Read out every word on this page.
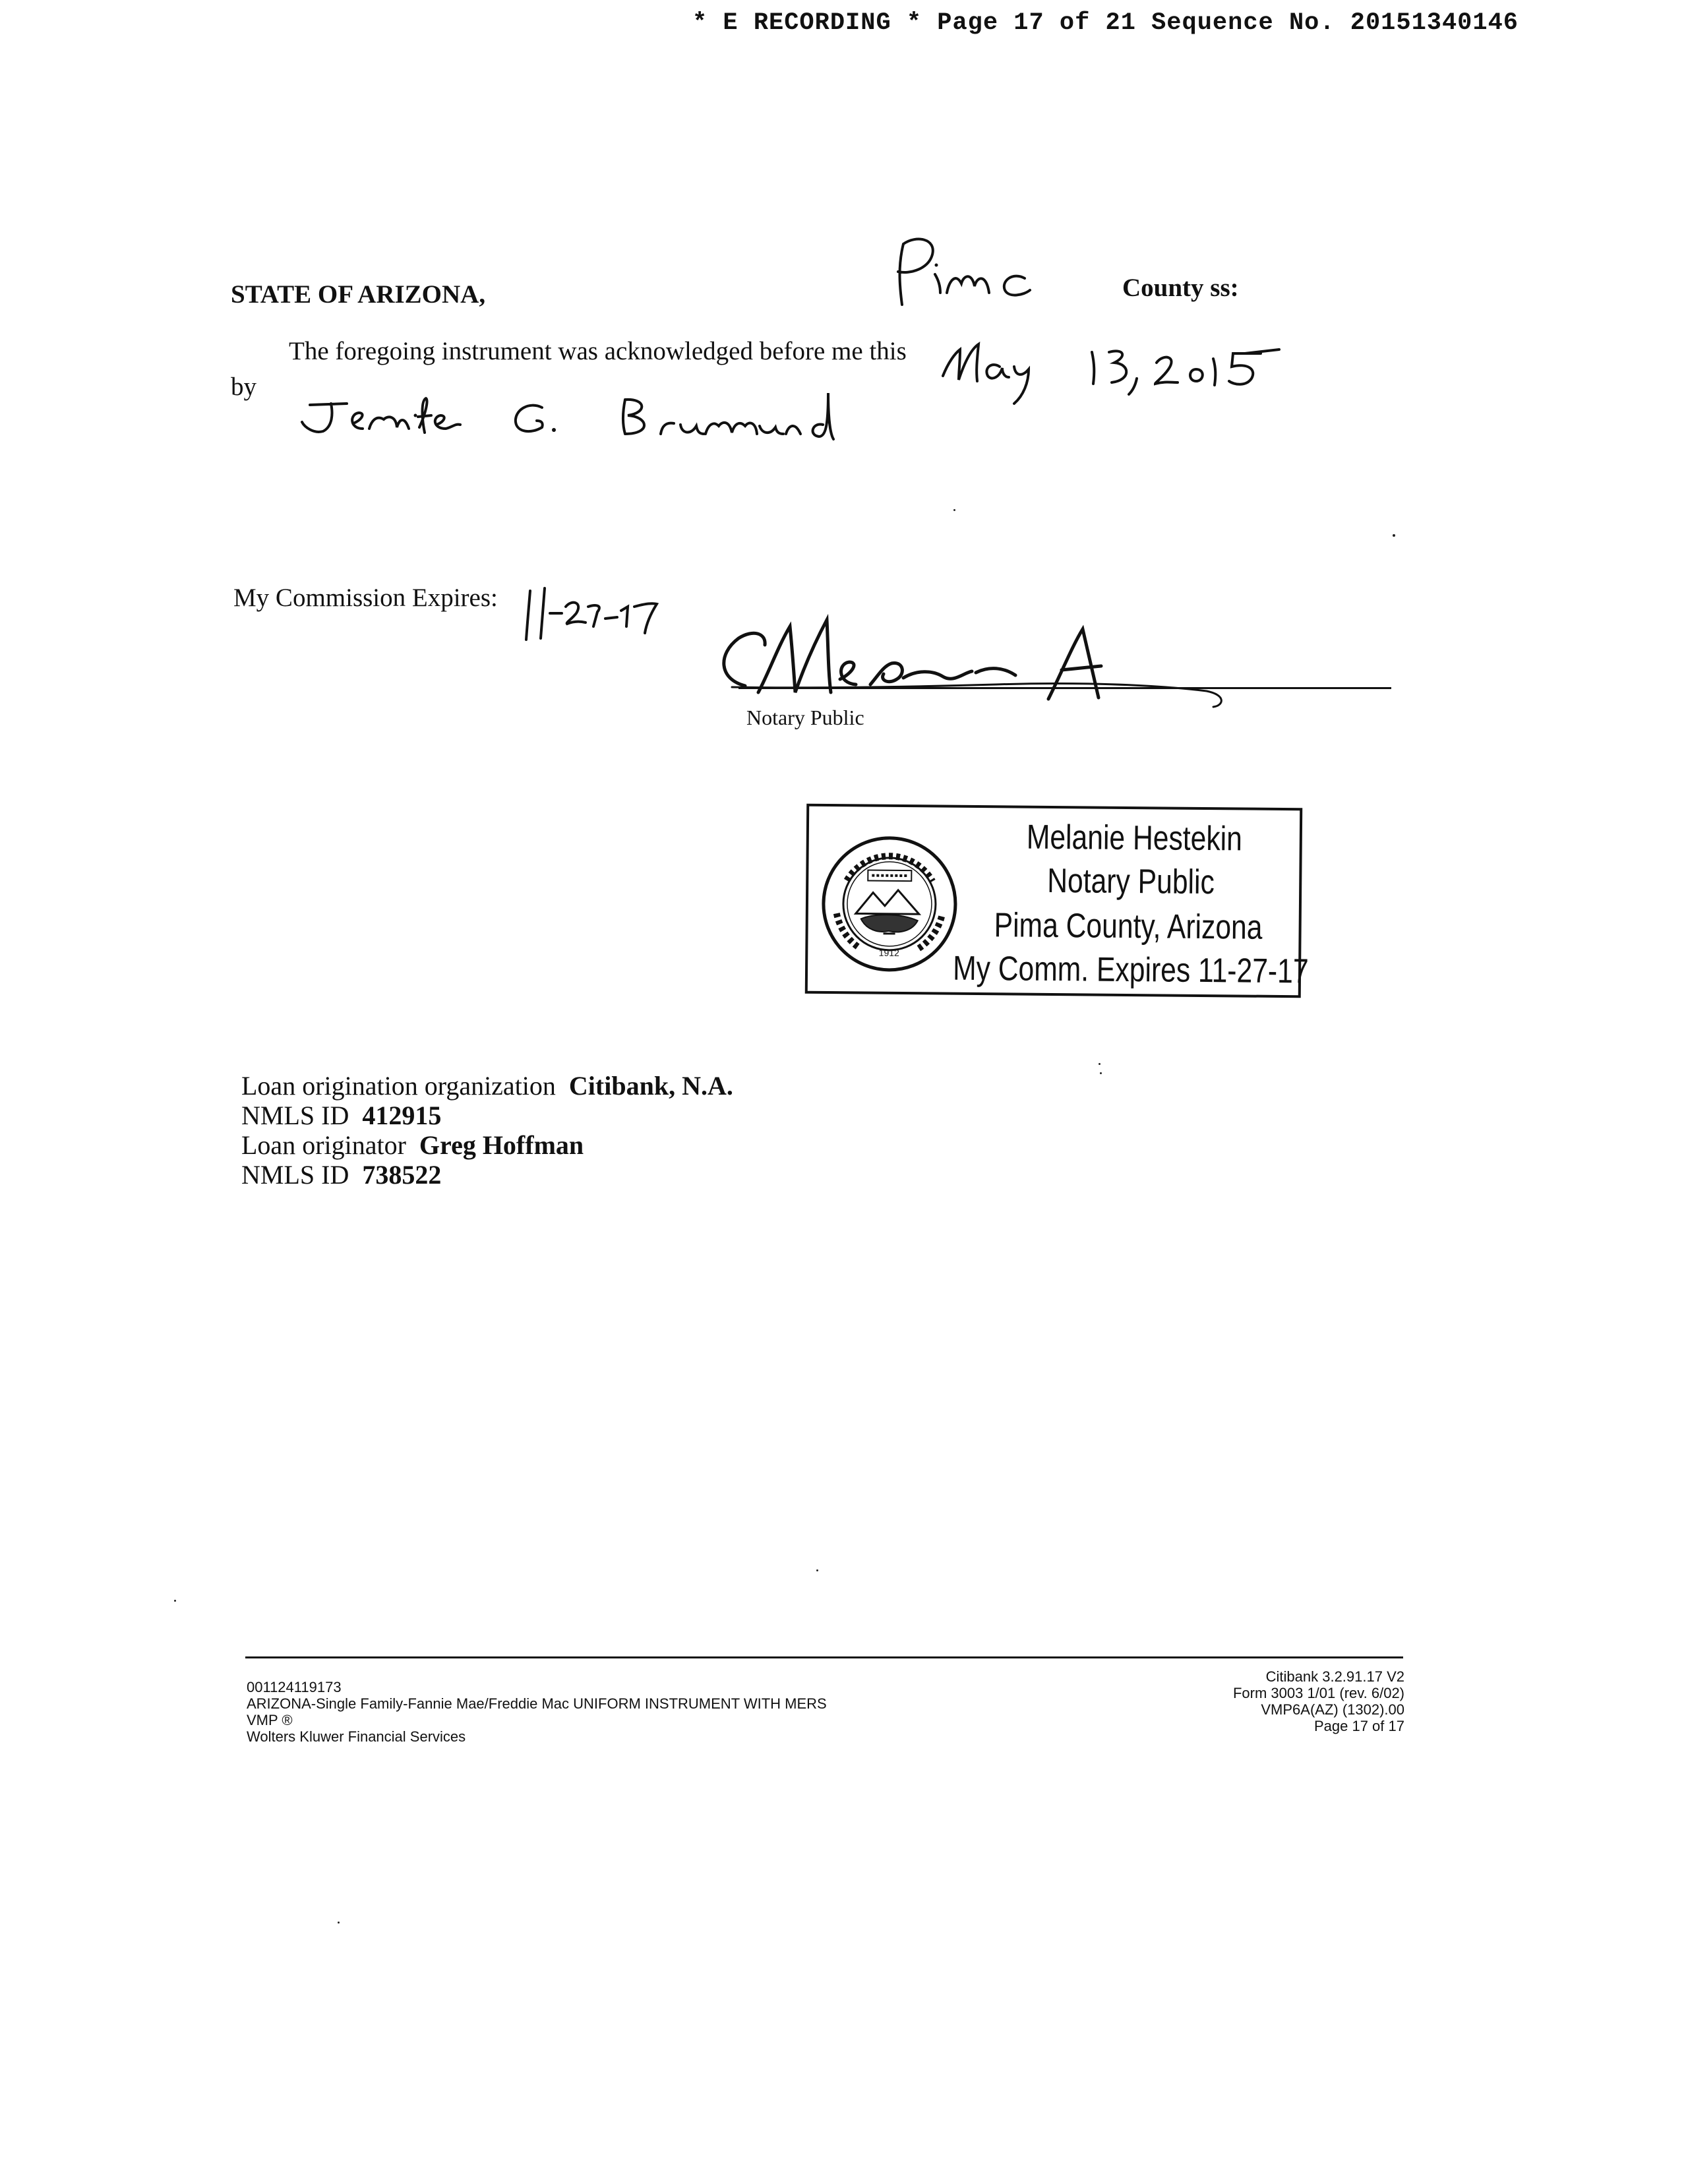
* E RECORDING * Page 17 of 21 Sequence No. 20151340146
STATE OF ARIZONA,	County ss:
The foregoing instrument was acknowledged before me this
by
My Commission Expires:
Notary Public
1912
Melanie Hestekin
Notary Public
Pima County, Arizona
My Comm. Expires 11-27-17
Loan origination organization Citibank, N.A.
NMLS ID 412915
Loan originator Greg Hoffman
NMLS ID 738522
001124119173
ARIZONA-Single Family-Fannie Mae/Freddie Mac UNIFORM INSTRUMENT WITH MERS
VMP ®
Wolters Kluwer Financial Services
Citibank 3.2.91.17 V2
Form 3003 1/01 (rev. 6/02)
VMP6A(AZ) (1302).00
Page 17 of 17
